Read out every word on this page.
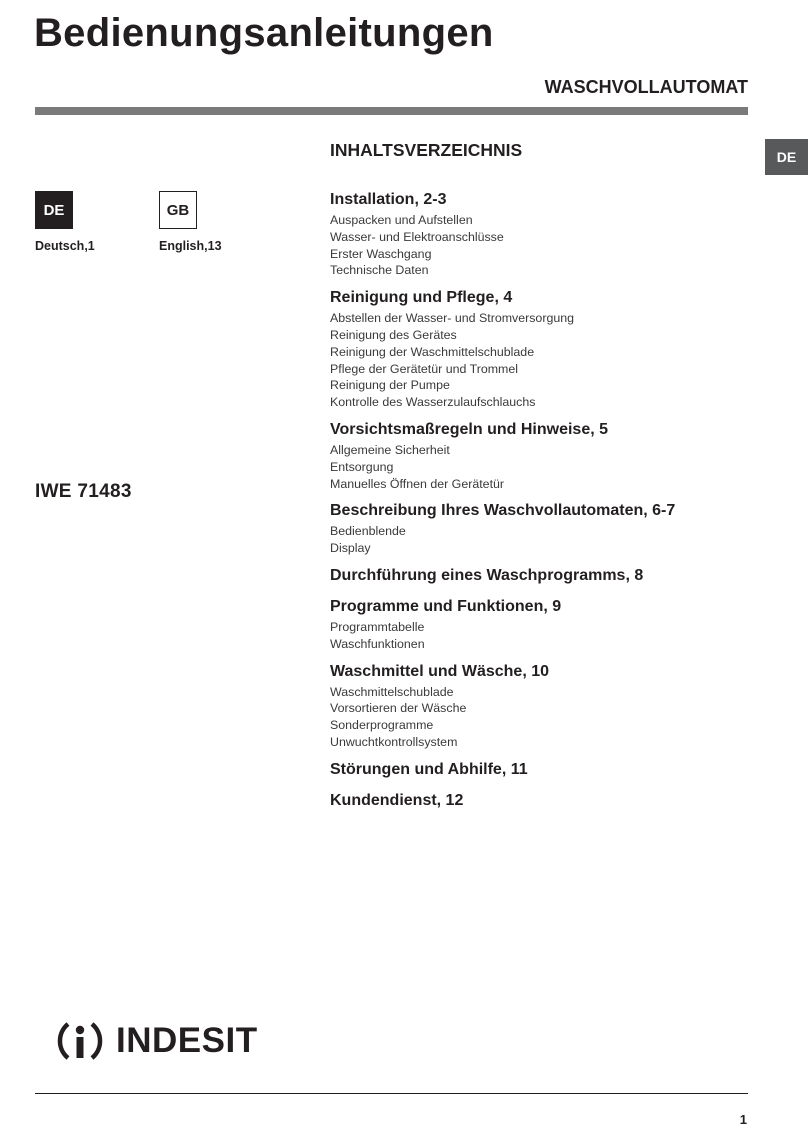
Bedienungsanleitungen
WASCHVOLLAUTOMAT
DE
DE	GB
Deutsch,1	English,13
IWE 71483
INHALTSVERZEICHNIS
Installation, 2-3
Auspacken und Aufstellen
Wasser- und Elektroanschlüsse
Erster Waschgang
Technische Daten
Reinigung und Pflege, 4
Abstellen der Wasser- und Stromversorgung
Reinigung des Gerätes
Reinigung der Waschmittelschublade
Pflege der Gerätetür und Trommel
Reinigung der Pumpe
Kontrolle des Wasserzulaufschlauchs
Vorsichtsmaßregeln und Hinweise, 5
Allgemeine Sicherheit
Entsorgung
Manuelles Öffnen der Gerätetür
Beschreibung Ihres Waschvollautomaten, 6-7
Bedienblende
Display
Durchführung eines Waschprogramms, 8
Programme und Funktionen, 9
Programmtabelle
Waschfunktionen
Waschmittel und Wäsche, 10
Waschmittelschublade
Vorsortieren der Wäsche
Sonderprogramme
Unwuchtkontrollsystem
Störungen und Abhilfe, 11
Kundendienst, 12
INDESIT
1
